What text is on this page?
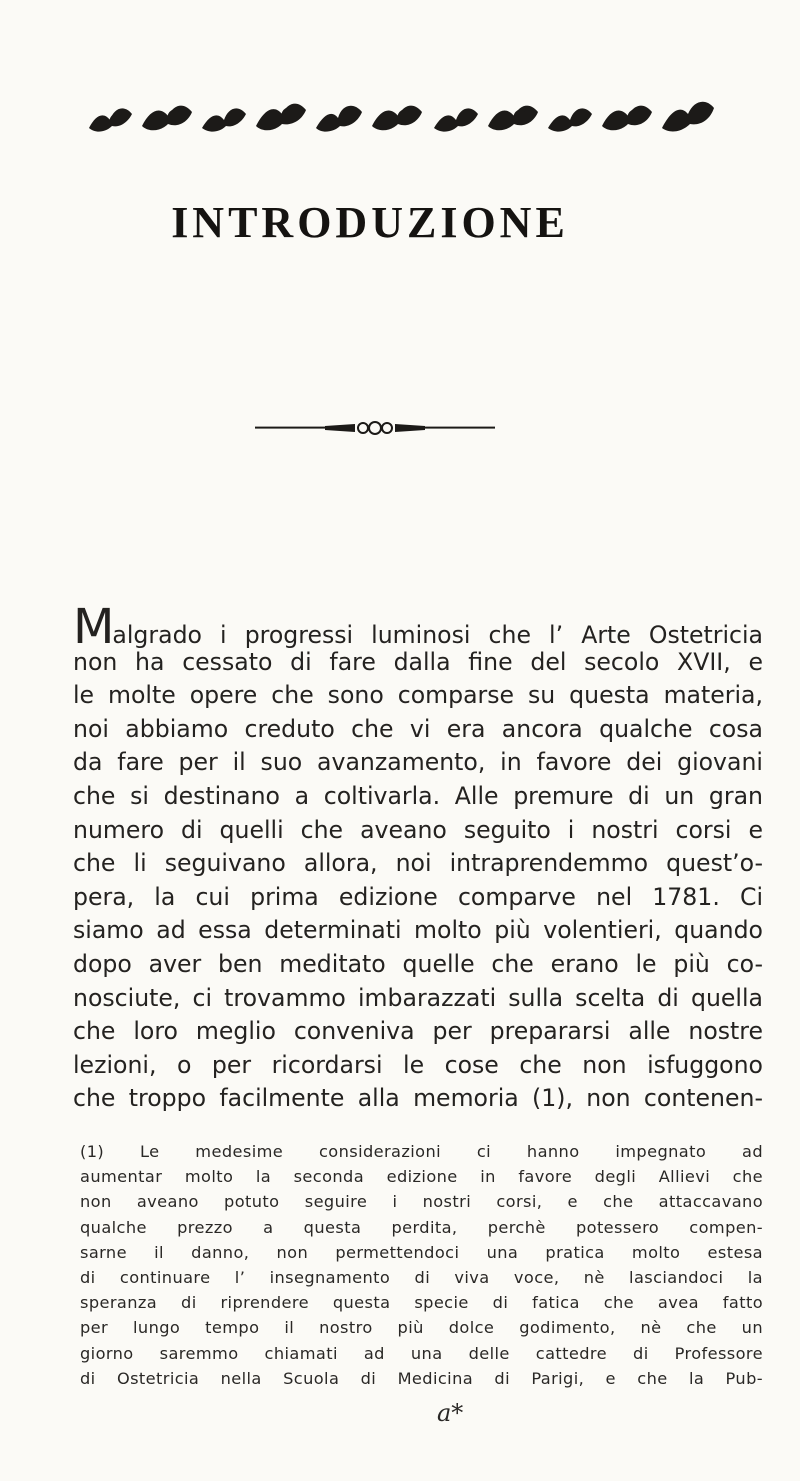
INTRODUZIONE
Malgrado i progressi luminosi che l’ Arte Ostetricia
non ha cessato di fare dalla fine del secolo XVII, e
le molte opere che sono comparse su questa materia,
noi abbiamo creduto che vi era ancora qualche cosa
da fare per il suo avanzamento, in favore dei giovani
che si destinano a coltivarla. Alle premure di un gran
numero di quelli che aveano seguito i nostri corsi e
che li seguivano allora, noi intraprendemmo quest’o-
pera, la cui prima edizione comparve nel 1781. Ci
siamo ad essa determinati molto più volentieri, quando
dopo aver ben meditato quelle che erano le più co-
nosciute, ci trovammo imbarazzati sulla scelta di quella
che loro meglio conveniva per prepararsi alle nostre
lezioni, o per ricordarsi le cose che non isfuggono
che troppo facilmente alla memoria (1), non contenen-
(1) Le medesime considerazioni ci hanno impegnato ad
aumentar molto la seconda edizione in favore degli Allievi che
non aveano potuto seguire i nostri corsi, e che attaccavano
qualche prezzo a questa perdita, perchè potessero compen-
sarne il danno, non permettendoci una pratica molto estesa
di continuare l’ insegnamento di viva voce, nè lasciandoci la
speranza di riprendere questa specie di fatica che avea fatto
per lungo tempo il nostro più dolce godimento, nè che un
giorno saremmo chiamati ad una delle cattedre di Professore
di Ostetricia nella Scuola di Medicina di Parigi, e che la Pub-
a*
